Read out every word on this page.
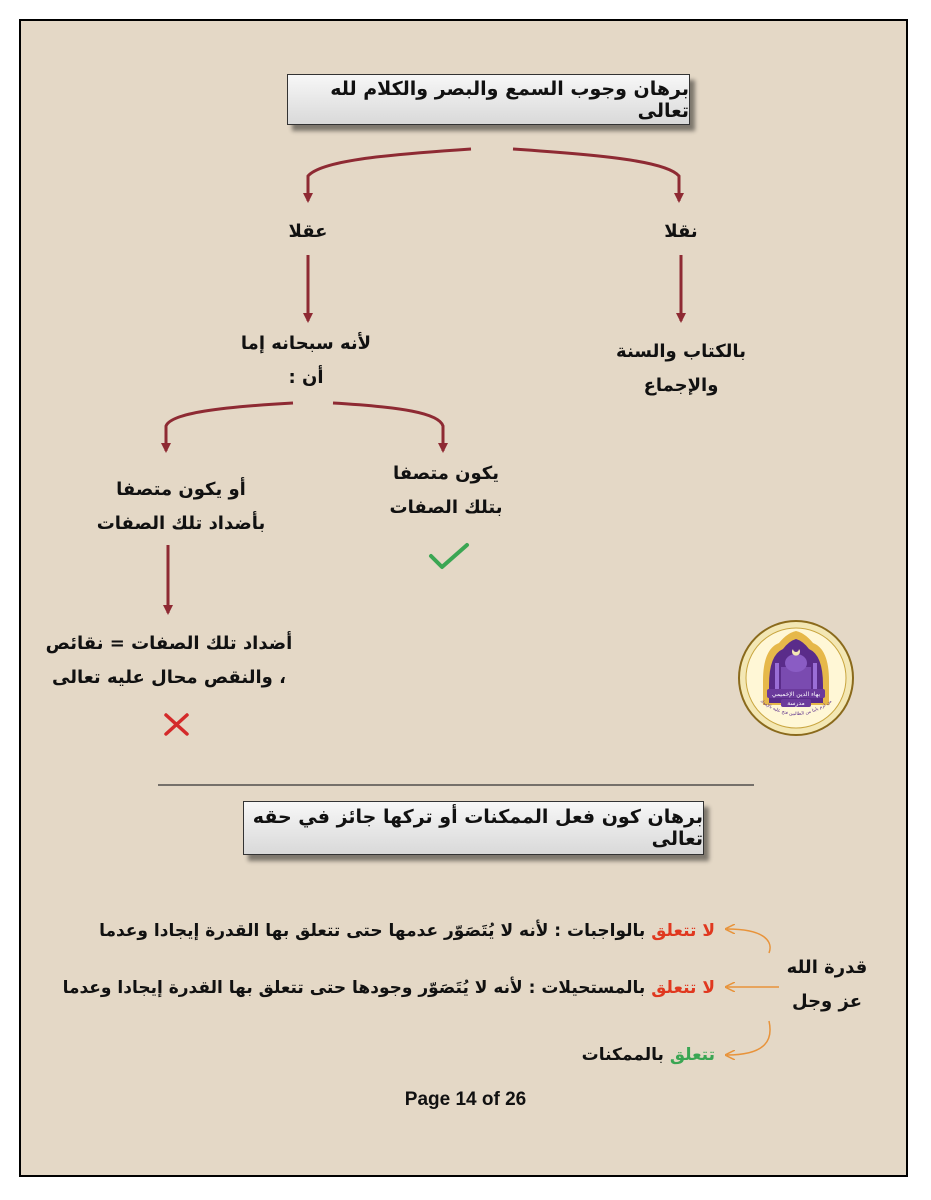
برهان وجوب السمع والبصر والكلام لله تعالى
عقلا	نقلا
بالكتاب والسنة
والإجماع
لأنه سبحانه إما
أن :
يكون متصفا
بتلك الصفات
أو يكون متصفا
بأضداد تلك الصفات
أضداد تلك الصفات = نقائص
، والنقص محال عليه تعالى
بهاء الدين الإخميمي
مدرسة
من لزم بابنا من الطالبين فتح عليه بالإمداد
برهان كون فعل الممكنات أو تركها جائز في حقه تعالى
قدرة الله
عز وجل
لا تتعلق بالواجبات : لأنه لا يُتَصَوّر عدمها حتى تتعلق بها القدرة إيجادا وعدما
لا تتعلق بالمستحيلات : لأنه لا يُتَصَوّر وجودها حتى تتعلق بها القدرة إيجادا وعدما
تتعلق بالممكنات
Page 14 of 26
